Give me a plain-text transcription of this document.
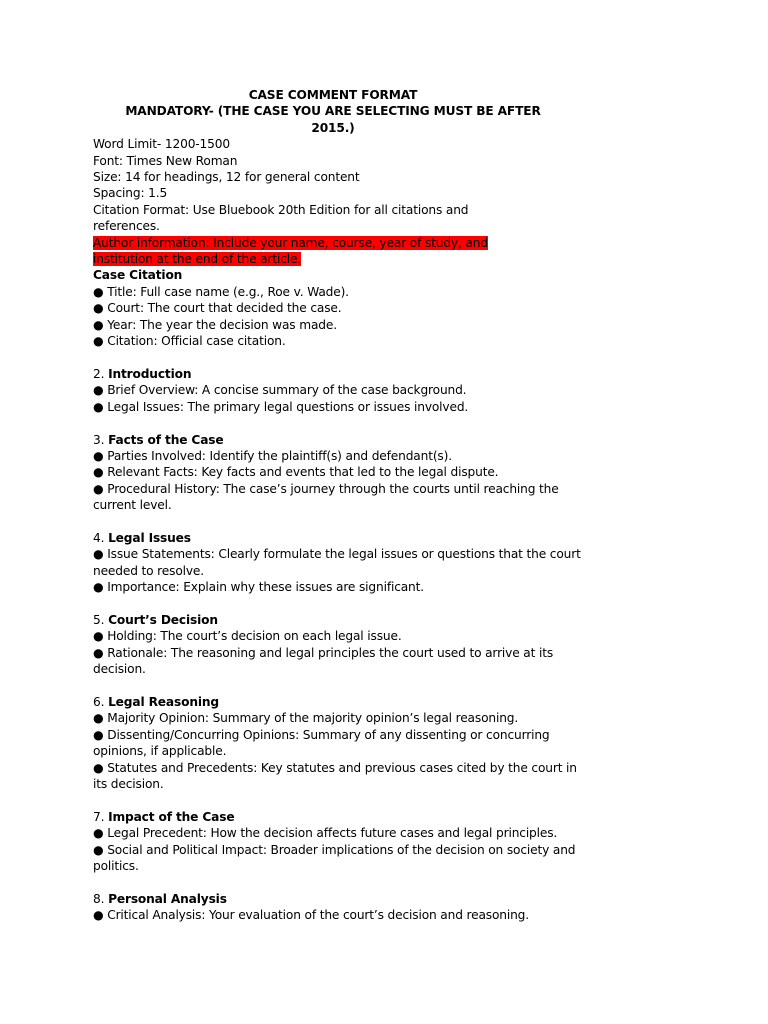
CASE COMMENT FORMAT
MANDATORY- (THE CASE YOU ARE SELECTING MUST BE AFTER
2015.)
Word Limit- 1200-1500
Font: Times New Roman
Size: 14 for headings, 12 for general content
Spacing: 1.5
Citation Format: Use Bluebook 20th Edition for all citations and
references.
Author information: Include your name, course, year of study, and
institution at the end of the article.
Case Citation
● Title: Full case name (e.g., Roe v. Wade).
● Court: The court that decided the case.
● Year: The year the decision was made.
● Citation: Official case citation.
2. Introduction
● Brief Overview: A concise summary of the case background.
● Legal Issues: The primary legal questions or issues involved.
3. Facts of the Case
● Parties Involved: Identify the plaintiff(s) and defendant(s).
● Relevant Facts: Key facts and events that led to the legal dispute.
● Procedural History: The case’s journey through the courts until reaching the
current level.
4. Legal Issues
● Issue Statements: Clearly formulate the legal issues or questions that the court
needed to resolve.
● Importance: Explain why these issues are significant.
5. Court’s Decision
● Holding: The court’s decision on each legal issue.
● Rationale: The reasoning and legal principles the court used to arrive at its
decision.
6. Legal Reasoning
● Majority Opinion: Summary of the majority opinion’s legal reasoning.
● Dissenting/Concurring Opinions: Summary of any dissenting or concurring
opinions, if applicable.
● Statutes and Precedents: Key statutes and previous cases cited by the court in
its decision.
7. Impact of the Case
● Legal Precedent: How the decision affects future cases and legal principles.
● Social and Political Impact: Broader implications of the decision on society and
politics.
8. Personal Analysis
● Critical Analysis: Your evaluation of the court’s decision and reasoning.
